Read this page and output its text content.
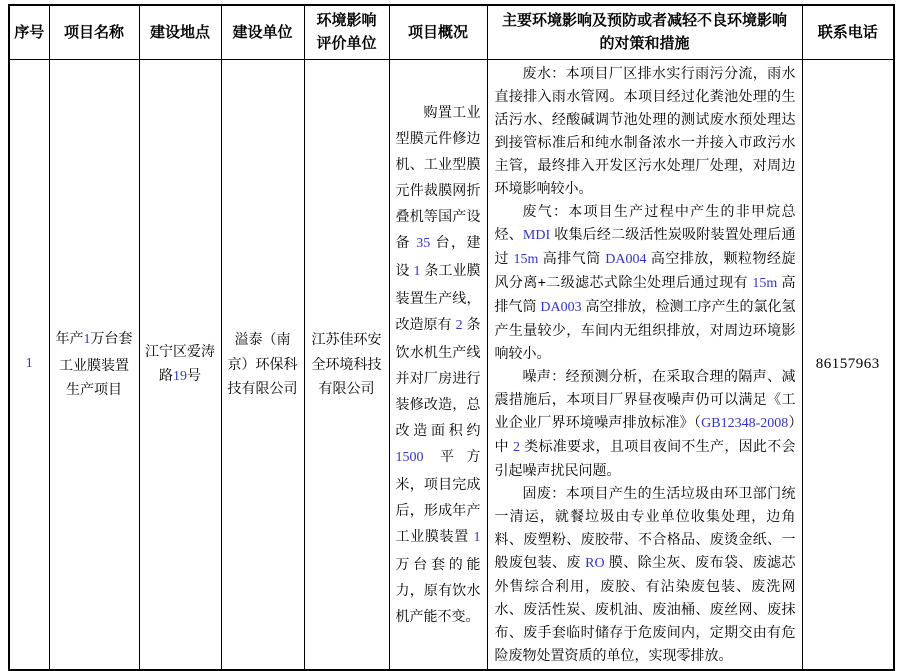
序号	项目名称	建设地点	建设单位	环境影响评价单位	项目概况	主要环境影响及预防或者减轻不良环境影响的对策和措施	联系电话
1	年产1万台套工业膜装置生产项目	江宁区爱涛路19号	溢泰（南京）环保科技有限公司	江苏佳环安全环境科技有限公司	购置工业型膜元件修边机、工业型膜元件裁膜网折叠机等国产设备 35 台，建设 1 条工业膜装置生产线，改造原有 2 条饮水机生产线并对厂房进行装修改造，总改造面积约 1500 平方米，项目完成后，形成年产工业膜装置 1 万台套的能力，原有饮水机产能不变。	废水：本项目厂区排水实行雨污分流，雨水直接排入雨水管网。本项目经过化粪池处理的生活污水、经酸碱调节池处理的测试废水预处理达到接管标准后和纯水制备浓水一并接入市政污水主管，最终排入开发区污水处理厂处理，对周边环境影响较小。

废气：本项目生产过程中产生的非甲烷总烃、MDI 收集后经二级活性炭吸附装置处理后通过 15m 高排气筒 DA004 高空排放，颗粒物经旋风分离+二级滤芯式除尘处理后通过现有 15m 高排气筒 DA003 高空排放，检测工序产生的氯化氢产生量较少，车间内无组织排放，对周边环境影响较小。

噪声：经预测分析，在采取合理的隔声、减震措施后，本项目厂界昼夜噪声仍可以满足《工业企业厂界环境噪声排放标准》（GB12348-2008）中 2 类标准要求，且项目夜间不生产，因此不会引起噪声扰民问题。

固废：本项目产生的生活垃圾由环卫部门统一清运，就餐垃圾由专业单位收集处理，边角料、废塑粉、废胶带、不合格品、废烫金纸、一般废包装、废 RO 膜、除尘灰、废布袋、废滤芯外售综合利用，废胶、有沾染废包装、废洗网水、废活性炭、废机油、废油桶、废丝网、废抹布、废手套临时储存于危废间内，定期交由有危险废物处置资质的单位，实现零排放。	86157963
